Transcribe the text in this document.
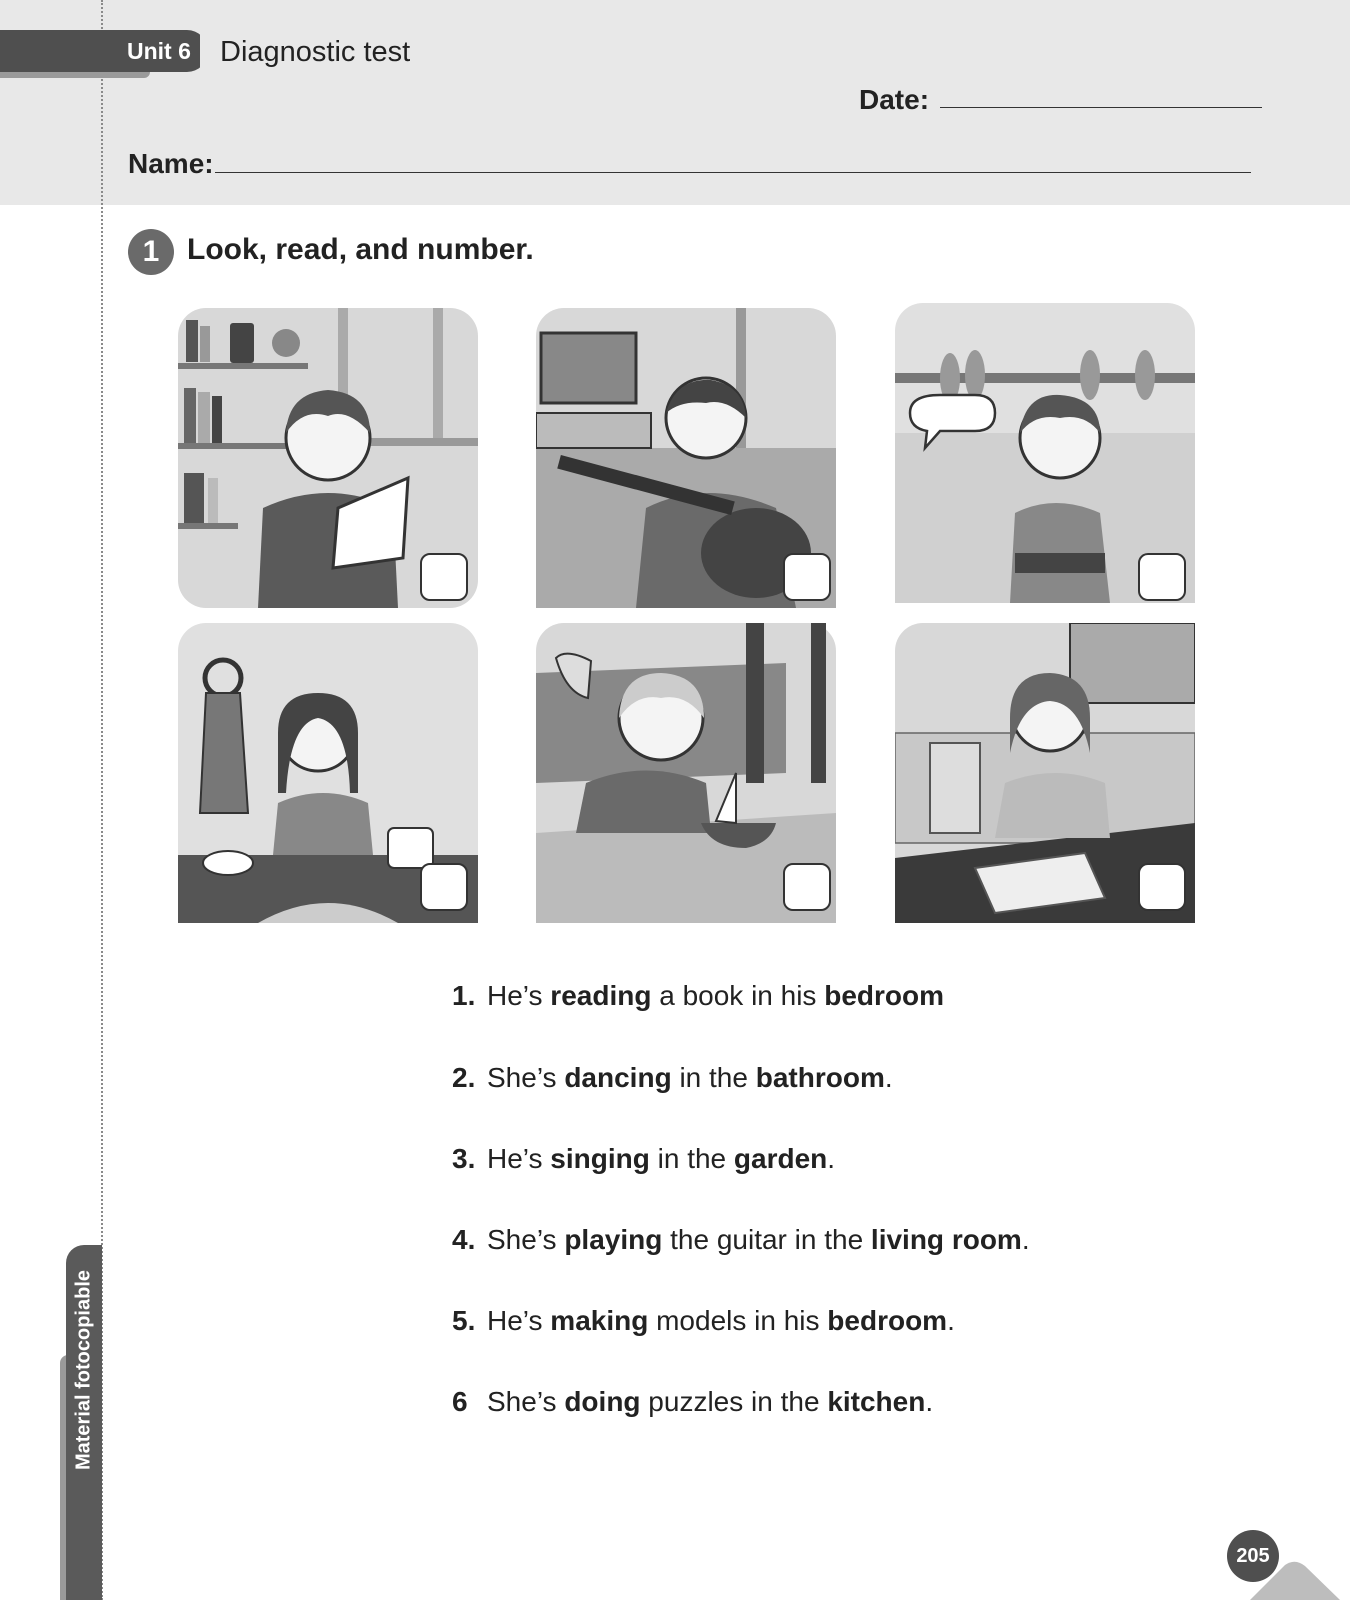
Unit 6 Diagnostic test
Date:
Name:
1 Look, read, and number.
1. He’s reading a book in his bedroom
2. She’s dancing in the bathroom.
3. He’s singing in the garden.
4. She’s playing the guitar in the living room.
5. He’s making models in his bedroom.
6 She’s doing puzzles in the kitchen.
Material fotocopiable
205
